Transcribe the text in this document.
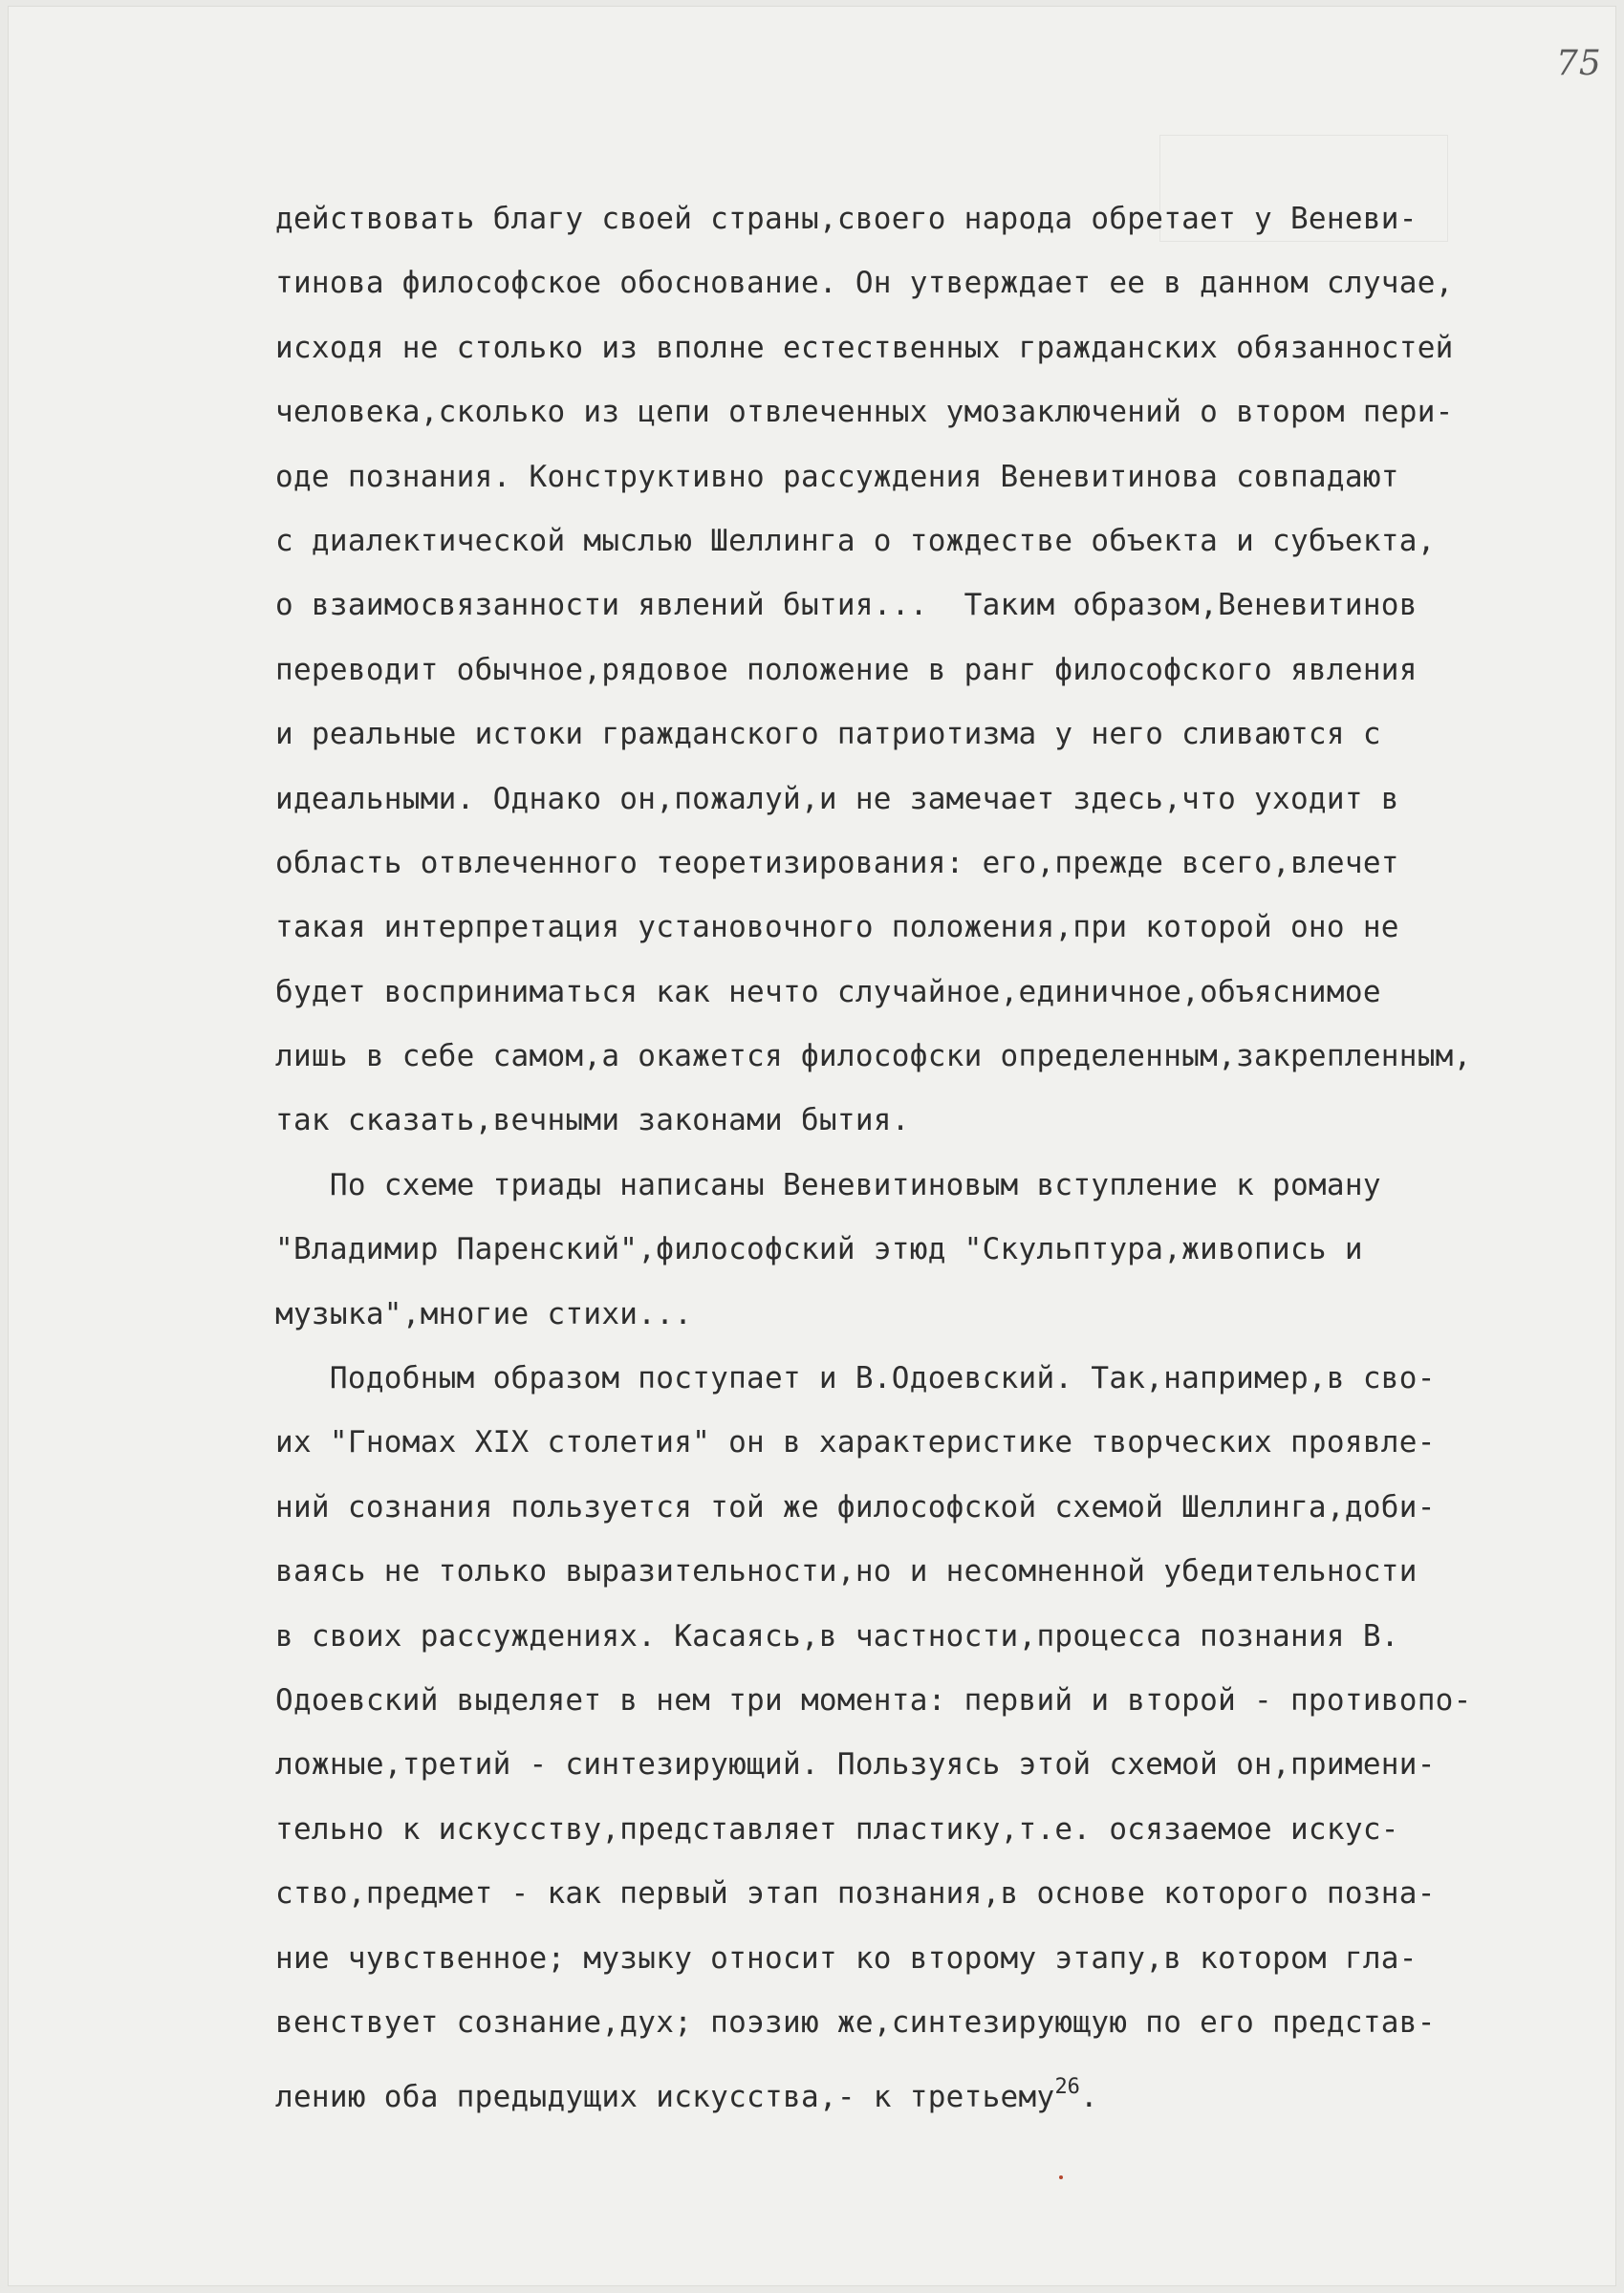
75
действовать благу своей страны,своего народа обретает у Веневи-
тинова философское обоснование. Он утверждает ее в данном случае,
исходя не столько из вполне естественных гражданских обязанностей
человека,сколько из цепи отвлеченных умозаключений о втором пери-
оде познания. Конструктивно рассуждения Веневитинова совпадают
с диалектической мыслью Шеллинга о тождестве объекта и субъекта,
о взаимосвязанности явлений бытия...  Таким образом,Веневитинов
переводит обычное,рядовое положение в ранг философского явления
и реальные истоки гражданского патриотизма у него сливаются с
идеальными. Однако он,пожалуй,и не замечает здесь,что уходит в
область отвлеченного теоретизирования: его,прежде всего,влечет
такая интерпретация установочного положения,при которой оно не
будет восприниматься как нечто случайное,единичное,объяснимое
лишь в себе самом,а окажется философски определенным,закрепленным,
так сказать,вечными законами бытия.
По схеме триады написаны Веневитиновым вступление к роману
"Владимир Паренский",философский этюд "Скульптура,живопись и
музыка",многие стихи...
Подобным образом поступает и В.Одоевский. Так,например,в сво-
их "Гномах XIX столетия" он в характеристике творческих проявле-
ний сознания пользуется той же философской схемой Шеллинга,доби-
ваясь не только выразительности,но и несомненной убедительности
в своих рассуждениях. Касаясь,в частности,процесса познания В.
Одоевский выделяет в нем три момента: первий и второй - противопо-
ложные,третий - синтезирующий. Пользуясь этой схемой он,примени-
тельно к искусству,представляет пластику,т.е. осязаемое искус-
ство,предмет - как первый этап познания,в основе которого позна-
ние чувственное; музыку относит ко второму этапу,в котором гла-
венствует сознание,дух; поэзию же,синтезирующую по его представ-
лению оба предыдущих искусства,- к третьему$^{26}$.
